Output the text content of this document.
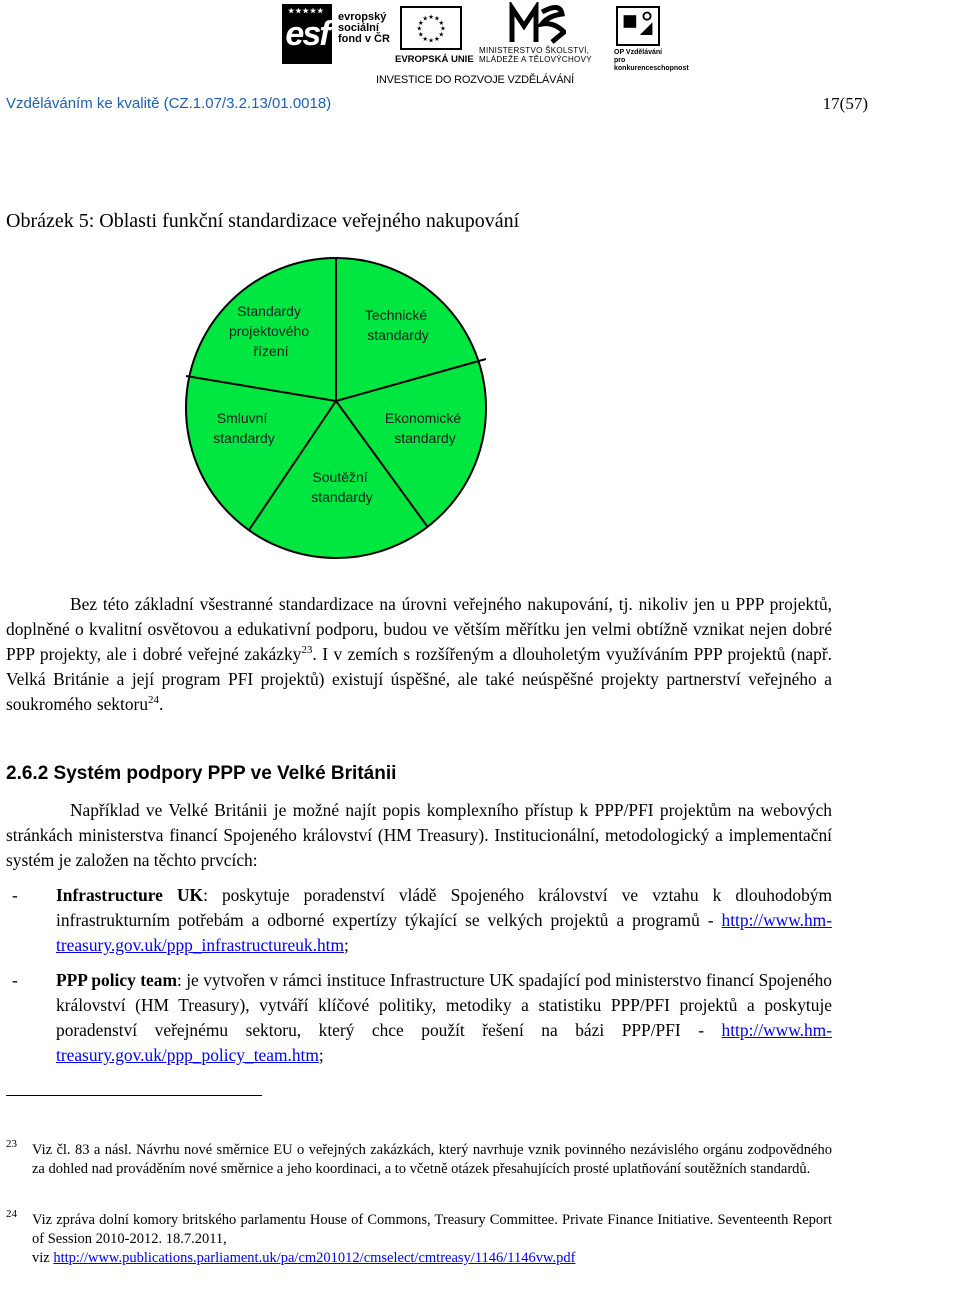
★★★★★
esf evropský
sociální
fond v ČR
★
★
★
★
★
★
★
★
★ ★ ★
★
EVROPSKÁ UNIE
MINISTERSTVO ŠKOLSTVÍ,
MLÁDEŽE A TĚLOVÝCHOVY
OP Vzdělávání
pro konkurenceschopnost
INVESTICE DO ROZVOJE VZDĚLÁVÁNÍ
Vzděláváním ke kvalitě (CZ.1.07/3.2.13/01.0018)	17(57)
Obrázek 5: Oblasti funkční standardizace veřejného nakupování
Standardy projektového řízení
Technické standardy
Smluvní standardy
Ekonomické standardy
Soutěžní standardy
Bez této základní všestranné standardizace na úrovni veřejného nakupování, tj. nikoliv jen u PPP projektů, doplněné o kvalitní osvětovou a edukativní podporu, budou ve větším měřítku jen velmi obtížně vznikat nejen dobré PPP projekty, ale i dobré veřejné zakázky$^{23}$. I v zemích s rozšířeným a dlouholetým využíváním PPP projektů (např. Velká Británie a její program PFI projektů) existují úspěšné, ale také neúspěšné projekty partnerství veřejného a soukromého sektoru$^{24}$.
2.6.2 Systém podpory PPP ve Velké Británii
Například ve Velké Británii je možné najít popis komplexního přístup k PPP/PFI projektům na webových stránkách ministerstva financí Spojeného království (HM Treasury). Institucionální, metodologický a implementační systém je založen na těchto prvcích:
- Infrastructure UK: poskytuje poradenství vládě Spojeného království ve vztahu k dlouhodobým infrastrukturním potřebám a odborné expertízy týkající se velkých projektů a programů - http://www.hm-treasury.gov.uk/ppp_infrastructureuk.htm;
- PPP policy team: je vytvořen v rámci instituce Infrastructure UK spadající pod ministerstvo financí Spojeného království (HM Treasury), vytváří klíčové politiky, metodiky a statistiku PPP/PFI projektů a poskytuje poradenství veřejnému sektoru, který chce použít řešení na bázi PPP/PFI - http://www.hm-treasury.gov.uk/ppp_policy_team.htm;
23 Viz čl. 83 a násl. Návrhu nové směrnice EU o veřejných zakázkách, který navrhuje vznik povinného nezávislého orgánu zodpovědného za dohled nad prováděním nové směrnice a jeho koordinaci, a to včetně otázek přesahujících prosté uplatňování soutěžních standardů.
24 Viz zpráva dolní komory britského parlamentu House of Commons, Treasury Committee. Private Finance Initiative. Seventeenth Report of Session 2010-2012. 18.7.2011,
viz http://www.publications.parliament.uk/pa/cm201012/cmselect/cmtreasy/1146/1146vw.pdf
